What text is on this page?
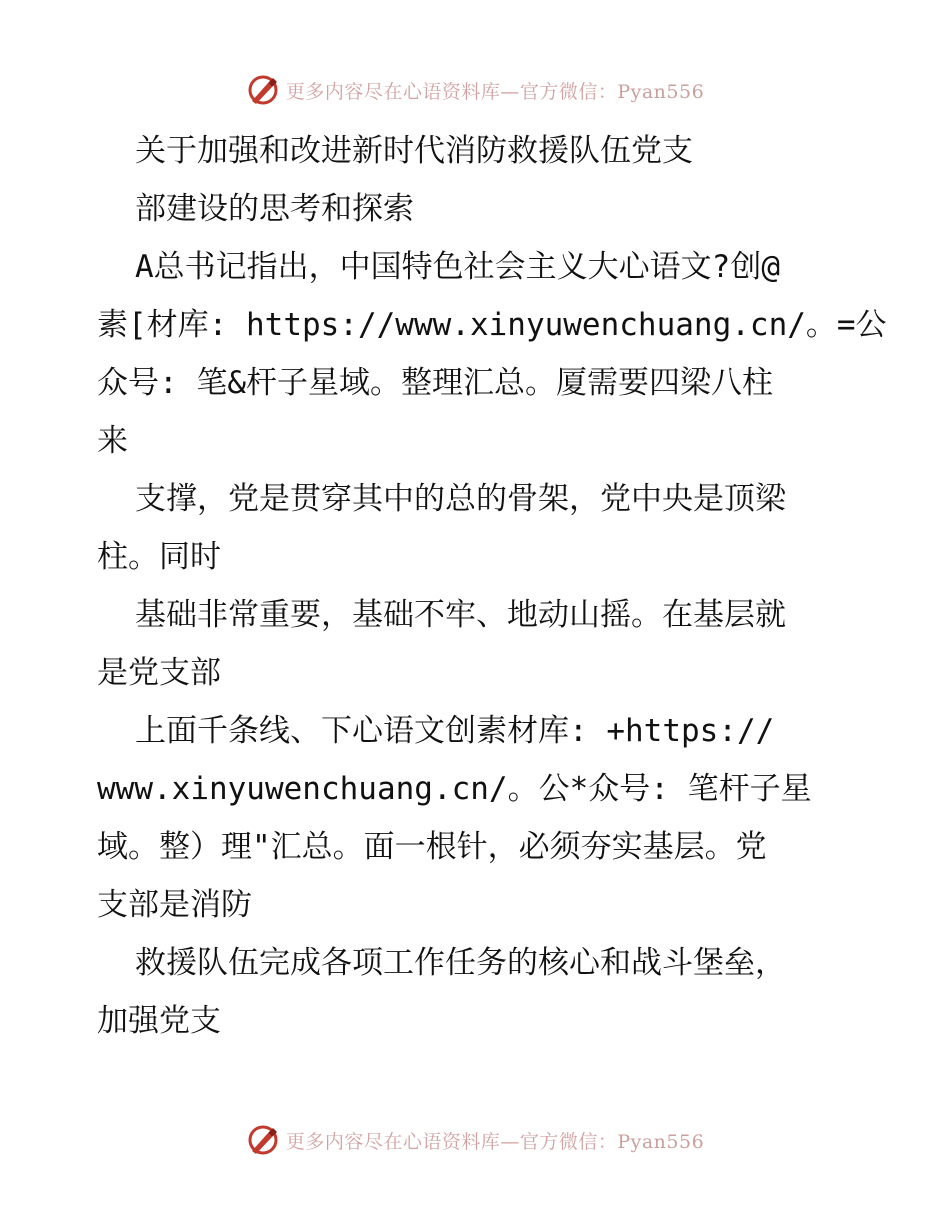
更多内容尽在心语资料库—官方微信：Pyan556
关于加强和改进新时代消防救援队伍党支
部建设的思考和探索
A总书记指出，中国特色社会主义大心语文?创@
素[材库: https://www.xinyuwenchuang.cn/。=公
众号: 笔&杆子星域。整理汇总。厦需要四梁八柱
来
支撑，党是贯穿其中的总的骨架，党中央是顶梁
柱。同时
基础非常重要，基础不牢、地动山摇。在基层就
是党支部
上面千条线、下心语文创素材库: +https://
www.xinyuwenchuang.cn/。公*众号: 笔杆子星
域。整）理"汇总。面一根针，必须夯实基层。党
支部是消防
救援队伍完成各项工作任务的核心和战斗堡垒，
加强党支
更多内容尽在心语资料库—官方微信：Pyan556
